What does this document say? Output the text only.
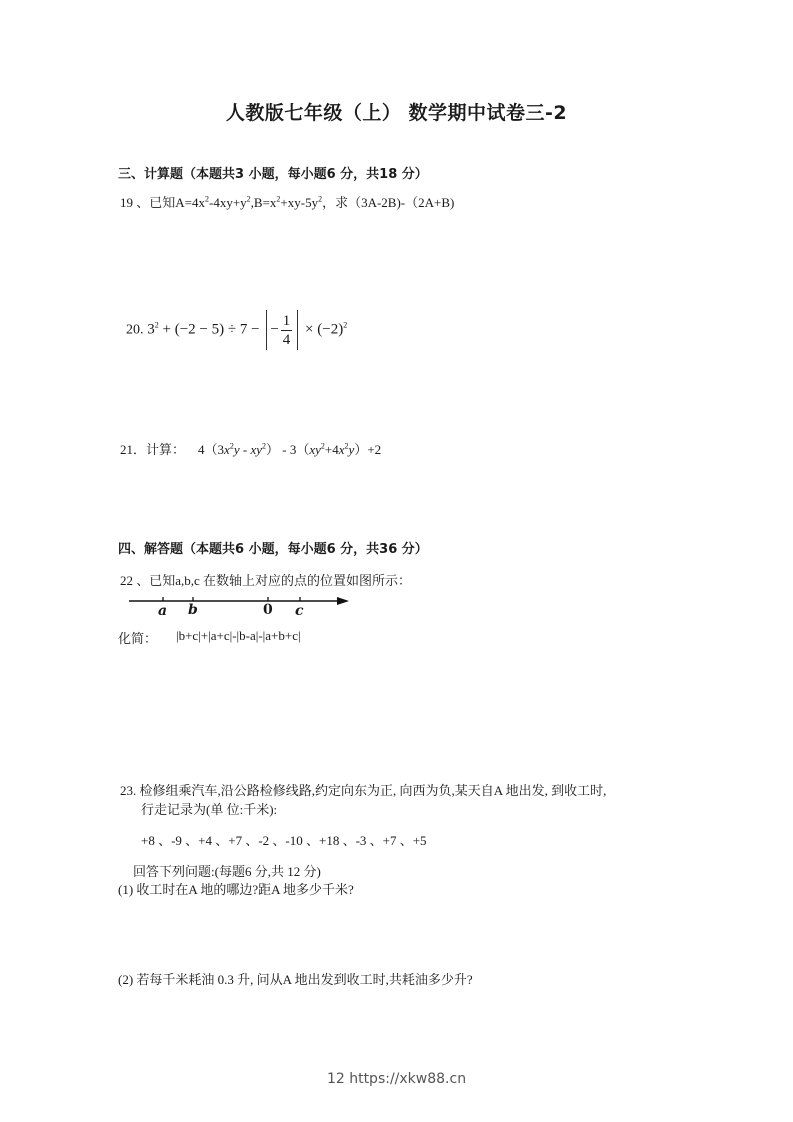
人教版七年级（上） 数学期中试卷三-2
三、计算题（本题共3 小题，每小题6 分，共18 分）
19 、已知$A=4x^2-4xy+y^2,B=x^2+xy-5y^2$，求（3A-2B)-（2A+B)
20. $3^2 + (-2 - 5) \div 7$ − − $\frac{1}{4} \times (-2)^2$
21．计算： $4(3x^2y - xy^2) - 3(xy^2+4x^2y)+2$
四、解答题（本题共6 小题，每小题6 分，共36 分）
22 、已知a,b,c 在数轴上对应的点的位置如图所示：
a b	0 c
化简： |b+c|+|a+c|-|b-a|-|a+b+c|
23. 检修组乘汽车,沿公路检修线路,约定向东为正, 向西为负,某天自A 地出发, 到收工时,
行走记录为(单 位:千米):
+8 、-9 、+4 、+7 、-2 、-10 、+18 、-3 、+7 、+5
回答下列问题:(每题6 分,共 12 分)
(1) 收工时在A 地的哪边?距A 地多少千米?
(2) 若每千米耗油 0.3 升, 问从A 地出发到收工时,共耗油多少升?
12 https://xkw88.cn
